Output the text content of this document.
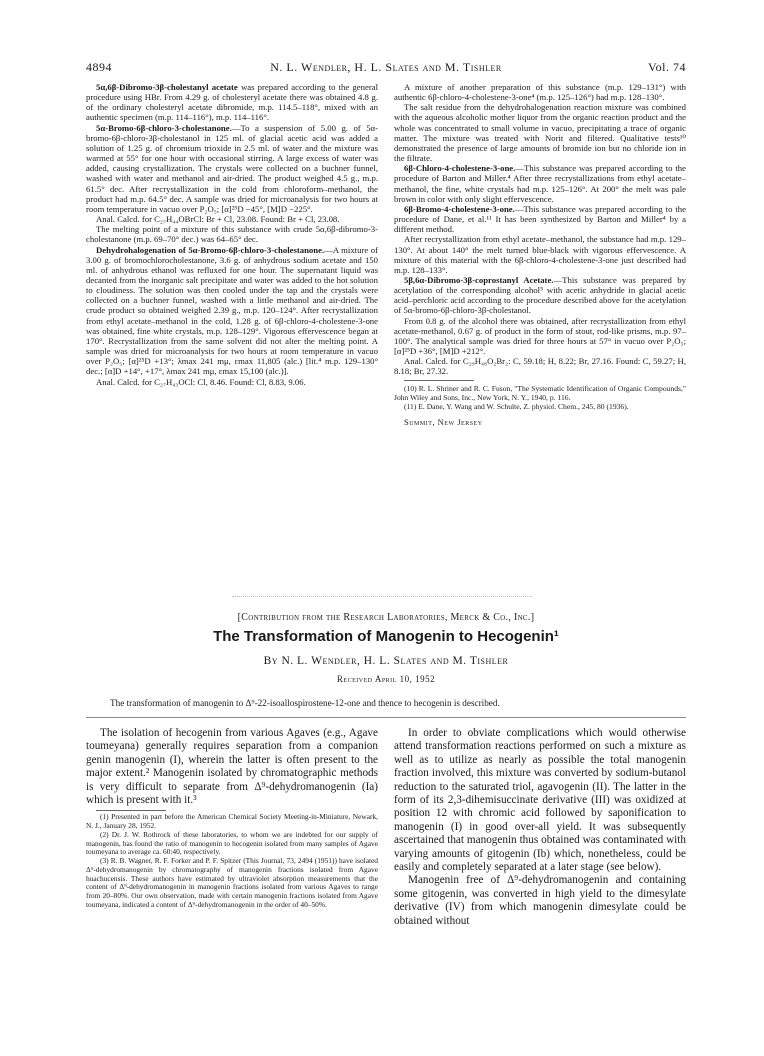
4894	N. L. Wendler, H. L. Slates and M. Tishler	Vol. 74

5α,6β-Dibromo-3β-cholestanyl acetate was prepared according to the general procedure using HBr. From 4.29 g. of cholesteryl acetate there was obtained 4.8 g. of the ordinary cholesteryl acetate dibromide, m.p. 114.5–118°, mixed with an authentic specimen (m.p. 114–116°), m.p. 114–116°.

5α-Bromo-6β-chloro-3-cholestanone.—To a suspension of 5.00 g. of 5α-bromo-6β-chloro-3β-cholestanol in 125 ml. of glacial acetic acid was added a solution of 1.25 g. of chromium trioxide in 2.5 ml. of water and the mixture was warmed at 55° for one hour with occasional stirring. A large excess of water was added, causing crystallization. The crystals were collected on a buchner funnel, washed with water and methanol and air-dried. The product weighed 4.5 g., m.p. 61.5° dec. After recrystallization in the cold from chloroform–methanol, the product had m.p. 64.5° dec. A sample was dried for microanalysis for two hours at room temperature in vacuo over P₂O₅; [α]²⁵D −45°, [M]D −225°.

Anal. Calcd. for C₂₇H₄₄OBrCl: Br + Cl, 23.08. Found: Br + Cl, 23.08.

The melting point of a mixture of this substance with crude 5α,6β-dibromo-3-cholestanone (m.p. 69–70° dec.) was 64–65° dec.

Dehydrohalogenation of 5α-Bromo-6β-chloro-3-cholestanone.—A mixture of 3.00 g. of bromochlorocholestanone, 3.6 g. of anhydrous sodium acetate and 150 ml. of anhydrous ethanol was refluxed for one hour. The supernatant liquid was decanted from the inorganic salt precipitate and water was added to the hot solution to cloudiness. The solution was then cooled under the tap and the crystals were collected on a buchner funnel, washed with a little methanol and air-dried. The crude product so obtained weighed 2.39 g., m.p. 120–124°. After recrystallization from ethyl acetate–methanol in the cold, 1.28 g. of 6β-chloro-4-cholestene-3-one was obtained, fine white crystals, m.p. 128–129°. Vigorous effervescence began at 170°. Recrystallization from the same solvent did not alter the melting point. A sample was dried for microanalysis for two hours at room temperature in vacuo over P₂O₅; [α]²⁵D +13°; λmax 241 mμ, εmax 11,805 (alc.) [lit.⁴ m.p. 129–130° dec.; [α]D +14°, +17°, λmax 241 mμ, εmax 15,100 (alc.)].

Anal. Calcd. for C₂₇H₄₃OCl: Cl, 8.46. Found: Cl, 8.83, 9.06.

A mixture of another preparation of this substance (m.p. 129–131°) with authentic 6β-chloro-4-cholestene-3-one⁴ (m.p. 125–126°) had m.p. 128–130°.

The salt residue from the dehydrohalogenation reaction mixture was combined with the aqueous alcoholic mother liquor from the organic reaction product and the whole was concentrated to small volume in vacuo, precipitating a trace of organic matter. The mixture was treated with Norit and filtered. Qualitative tests¹⁰ demonstrated the presence of large amounts of bromide ion but no chloride ion in the filtrate.

6β-Chloro-4-cholestene-3-one.—This substance was prepared according to the procedure of Barton and Miller.⁴ After three recrystallizations from ethyl acetate–methanol, the fine, white crystals had m.p. 125–126°. At 200° the melt was pale brown in color with only slight effervescence.

6β-Bromo-4-cholestene-3-one.—This substance was prepared according to the procedure of Dane, et al.¹¹ It has been synthesized by Barton and Miller⁴ by a different method.

After recrystallization from ethyl acetate–methanol, the substance had m.p. 129–130°. At about 140° the melt turned blue-black with vigorous effervescence. A mixture of this material with the 6β-chloro-4-cholestene-3-one just described had m.p. 128–133°.

5β,6α-Dibromo-3β-coprostanyl Acetate.—This substance was prepared by acetylation of the corresponding alcohol⁵ with acetic anhydride in glacial acetic acid–perchloric acid according to the procedure described above for the acetylation of 5α-bromo-6β-chloro-3β-cholestanol.

From 0.8 g. of the alcohol there was obtained, after recrystallization from ethyl acetate-methanol, 0.67 g. of product in the form of stout, rod-like prisms, m.p. 97–100°. The analytical sample was dried for three hours at 57° in vacuo over P₂O₅; [α]²⁵D +36°, [M]D +212°.

Anal. Calcd. for C₂₉H₄₈O₂Br₂: C, 59.18; H, 8.22; Br, 27.16. Found: C, 59.27; H, 8.18; Br, 27.32.

(10) R. L. Shriner and R. C. Fuson, "The Systematic Identification of Organic Compounds," John Wiley and Sons, Inc., New York, N. Y., 1940, p. 116.

(11) E. Dane, Y. Wang and W. Schulte, Z. physiol. Chem., 245, 80 (1936).

Summit, New Jersey
[Contribution from the Research Laboratories, Merck & Co., Inc.]
The Transformation of Manogenin to Hecogenin¹
By N. L. Wendler, H. L. Slates and M. Tishler
Received April 10, 1952
The transformation of manogenin to Δ⁹-22-isoallospirostene-12-one and thence to hecogenin is described.

The isolation of hecogenin from various Agaves (e.g., Agave toumeyana) generally requires separation from a companion genin manogenin (I), wherein the latter is often present to the major extent.² Manogenin isolated by chromatographic methods is very difficult to separate from Δ⁹-dehydromanogenin (Ia) which is present with it.³

(1) Presented in part before the American Chemical Society Meeting-in-Miniature, Newark, N. J., January 28, 1952.

(2) Dr. J. W. Rothrock of these laboratories, to whom we are indebted for our supply of manogenin, has found the ratio of manogenin to hecogenin isolated from many samples of Agave toumeyana to average ca. 60:40, respectively.

(3) R. B. Wagner, R. F. Forker and P. F. Spitzer (This Journal, 73, 2494 (1951)) have isolated Δ⁹-dehydromanogenin by chromatography of manogenin fractions isolated from Agave huachucensis. These authors have estimated by ultraviolet absorption measurements that the content of Δ⁹-dehydromanogenin in manogenin fractions isolated from various Agaves to range from 20–80%. Our own observation, made with certain manogenin fractions isolated from Agave toumeyana, indicated a content of Δ⁹-dehydromanogenin in the order of 40–50%.

In order to obviate complications which would otherwise attend transformation reactions performed on such a mixture as well as to utilize as nearly as possible the total manogenin fraction involved, this mixture was converted by sodium-butanol reduction to the saturated triol, agavogenin (II). The latter in the form of its 2,3-dihemisuccinate derivative (III) was oxidized at position 12 with chromic acid followed by saponification to manogenin (I) in good over-all yield. It was subsequently ascertained that manogenin thus obtained was contaminated with varying amounts of gitogenin (Ib) which, nonetheless, could be easily and completely separated at a later stage (see below).

Manogenin free of Δ⁹-dehydromanogenin and containing some gitogenin, was converted in high yield to the dimesylate derivative (IV) from which manogenin dimesylate could be obtained without
